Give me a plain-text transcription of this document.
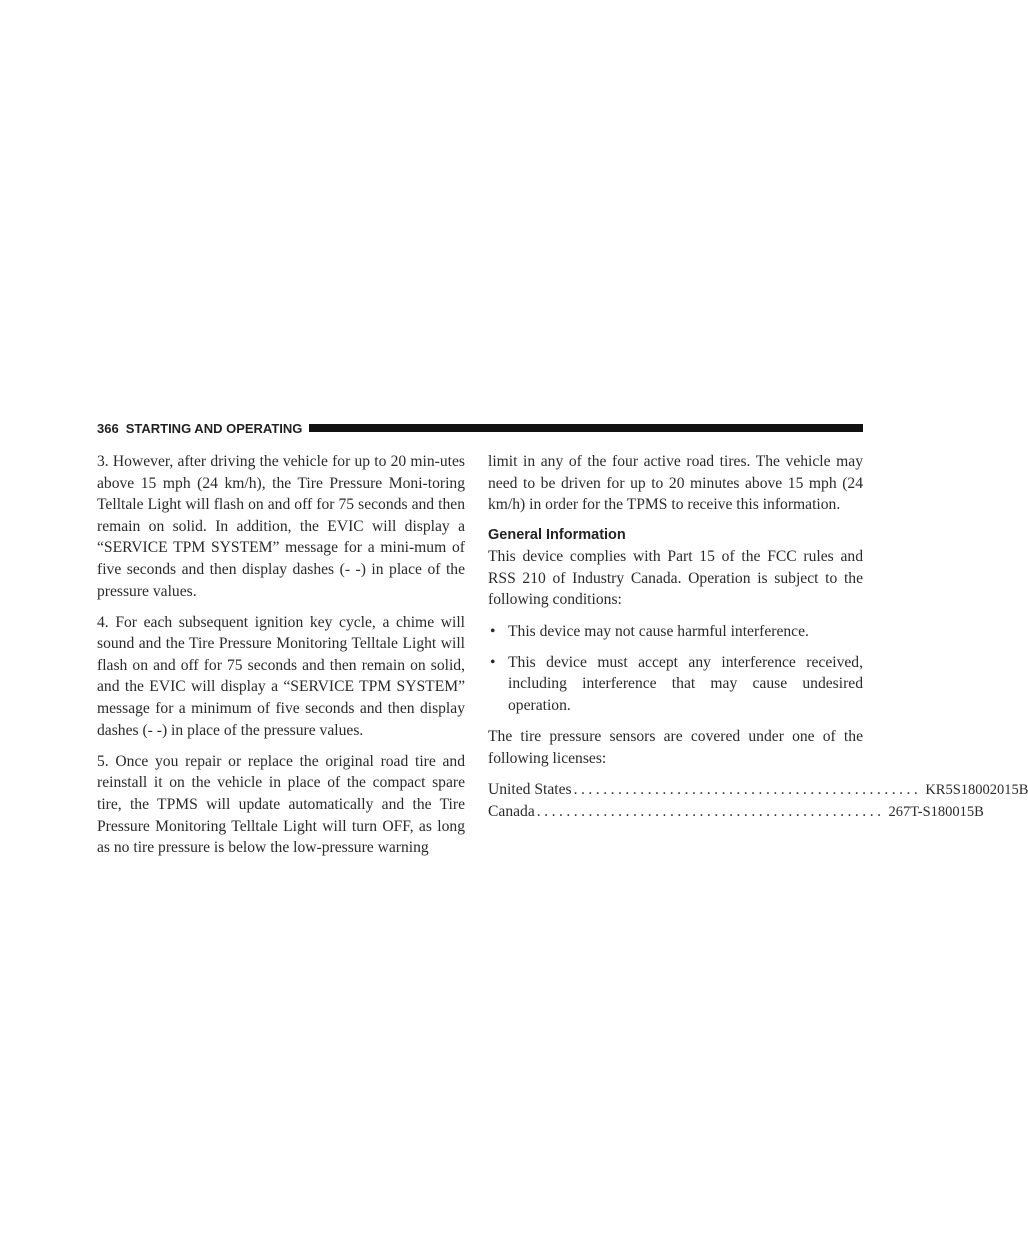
366 STARTING AND OPERATING

3. However, after driving the vehicle for up to 20 min-utes above 15 mph (24 km/h), the Tire Pressure Moni-toring Telltale Light will flash on and off for 75 seconds and then remain on solid. In addition, the EVIC will display a “SERVICE TPM SYSTEM” message for a mini-mum of five seconds and then display dashes (- -) in place of the pressure values.

4. For each subsequent ignition key cycle, a chime will sound and the Tire Pressure Monitoring Telltale Light will flash on and off for 75 seconds and then remain on solid, and the EVIC will display a “SERVICE TPM SYSTEM” message for a minimum of five seconds and then display dashes (- -) in place of the pressure values.

5. Once you repair or replace the original road tire and reinstall it on the vehicle in place of the compact spare tire, the TPMS will update automatically and the Tire Pressure Monitoring Telltale Light will turn OFF, as long as no tire pressure is below the low-pressure warning

limit in any of the four active road tires. The vehicle may need to be driven for up to 20 minutes above 15 mph (24 km/h) in order for the TPMS to receive this information.

General Information

This device complies with Part 15 of the FCC rules and RSS 210 of Industry Canada. Operation is subject to the following conditions:

• This device may not cause harmful interference.
• This device must accept any interference received, including interference that may cause undesired operation.

The tire pressure sensors are covered under one of the following licenses:

United States ............................................... KR5S18002015B
Canada ............................................... 267T-S180015B
